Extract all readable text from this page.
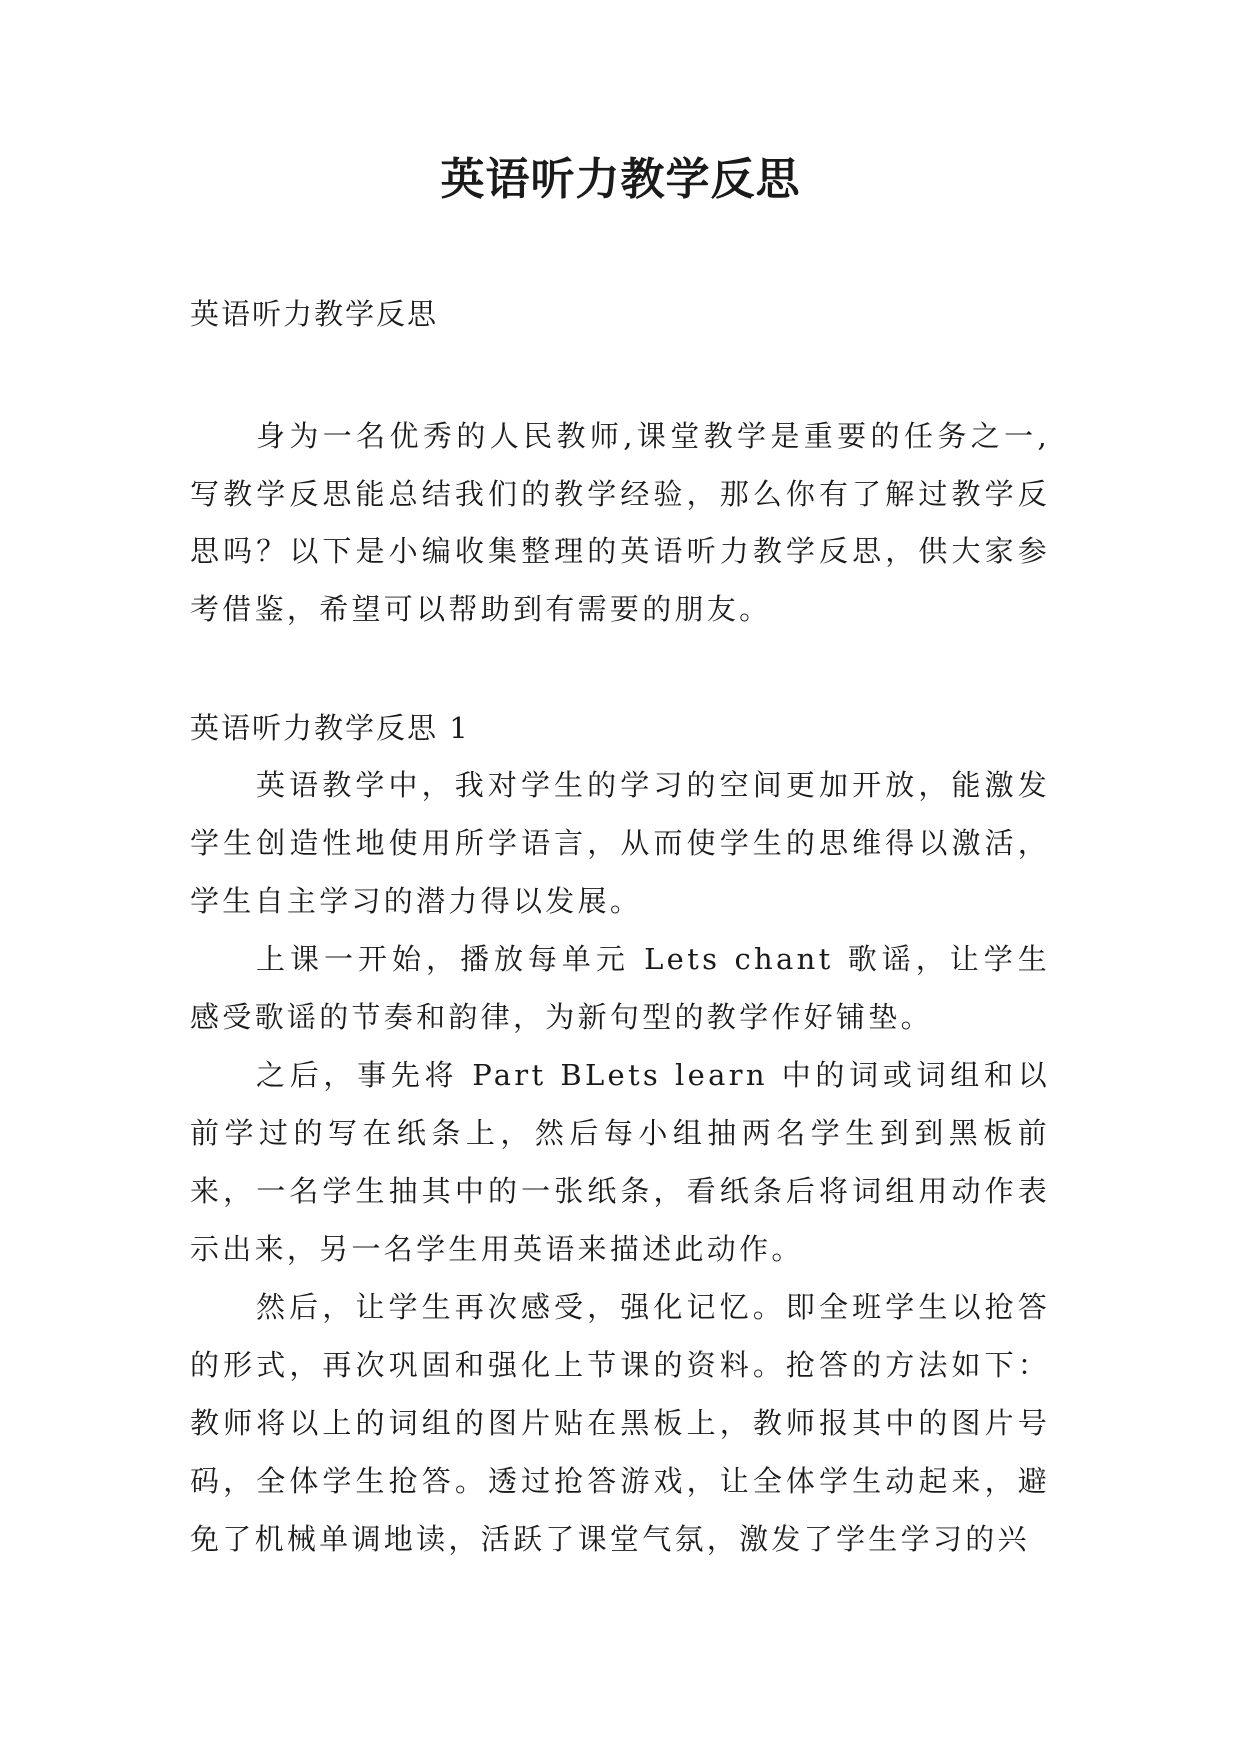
英语听力教学反思

英语听力教学反思

身为一名优秀的人民教师,课堂教学是重要的任务之一,写教学反思能总结我们的教学经验，那么你有了解过教学反思吗？以下是小编收集整理的英语听力教学反思，供大家参考借鉴，希望可以帮助到有需要的朋友。

英语听力教学反思 1

英语教学中，我对学生的学习的空间更加开放，能激发学生创造性地使用所学语言，从而使学生的思维得以激活，学生自主学习的潜力得以发展。

上课一开始，播放每单元 Lets chant 歌谣，让学生感受歌谣的节奏和韵律，为新句型的教学作好铺垫。

之后，事先将 Part BLets learn 中的词或词组和以前学过的写在纸条上，然后每小组抽两名学生到到黑板前来，一名学生抽其中的一张纸条，看纸条后将词组用动作表示出来，另一名学生用英语来描述此动作。

然后，让学生再次感受，强化记忆。即全班学生以抢答的形式，再次巩固和强化上节课的资料。抢答的方法如下：教师将以上的词组的图片贴在黑板上，教师报其中的图片号码，全体学生抢答。透过抢答游戏，让全体学生动起来，避免了机械单调地读，活跃了课堂气氛，激发了学生学习的兴
